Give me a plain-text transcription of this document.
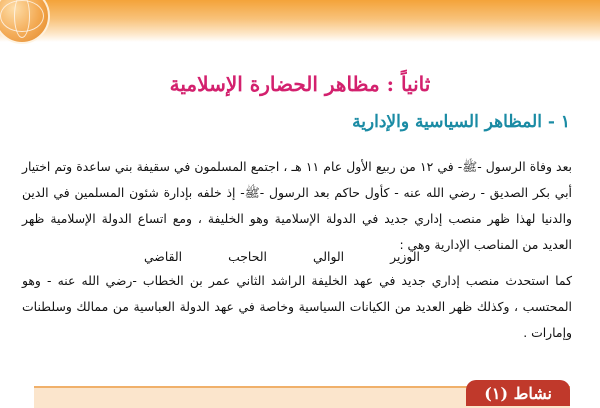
ثانياً : مظاهر الحضارة الإسلامية
١ - المظاهر السياسية والإدارية
بعد وفاة الرسول -ﷺ- في ١٢ من ربيع الأول عام ١١ هـ ، اجتمع المسلمون في سقيفة بني ساعدة وتم اختيار أبي بكر الصديق - رضي الله عنه - كأول حاكم بعد الرسول -ﷺ- إذ خلفه بإدارة شئون المسلمين في الدين والدنيا لهذا ظهر منصب إداري جديد في الدولة الإسلامية وهو الخليفة ، ومع اتساع الدولة الإسلامية ظهر العديد من المناصب الإدارية وهي :
الوزير
الوالي
الحاجب
القاضي
كما استحدث منصب إداري جديد في عهد الخليفة الراشد الثاني عمر بن الخطاب -رضي الله عنه - وهو المحتسب ، وكذلك ظهر العديد من الكيانات السياسية وخاصة في عهد الدولة العباسية من ممالك وسلطنات وإمارات .
نشاط (١)
